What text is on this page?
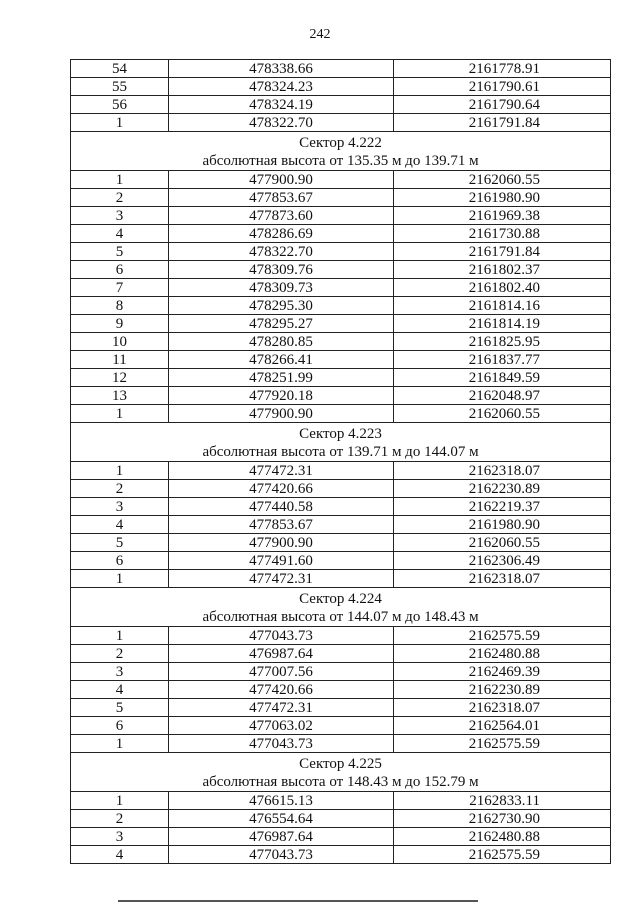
242
54	478338.66	2161778.91
55	478324.23	2161790.61
56	478324.19	2161790.64
1	478322.70	2161791.84

Сектор 4.222
абсолютная высота от 135.35 м до 139.71 м		

1	477900.90	2162060.55
2	477853.67	2161980.90
3	477873.60	2161969.38
4	478286.69	2161730.88
5	478322.70	2161791.84
6	478309.76	2161802.37
7	478309.73	2161802.40
8	478295.30	2161814.16
9	478295.27	2161814.19
10	478280.85	2161825.95
11	478266.41	2161837.77
12	478251.99	2161849.59
13	477920.18	2162048.97
1	477900.90	2162060.55

Сектор 4.223
абсолютная высота от 139.71 м до 144.07 м		

1	477472.31	2162318.07
2	477420.66	2162230.89
3	477440.58	2162219.37
4	477853.67	2161980.90
5	477900.90	2162060.55
6	477491.60	2162306.49
1	477472.31	2162318.07

Сектор 4.224
абсолютная высота от 144.07 м до 148.43 м		

1	477043.73	2162575.59
2	476987.64	2162480.88
3	477007.56	2162469.39
4	477420.66	2162230.89
5	477472.31	2162318.07
6	477063.02	2162564.01
1	477043.73	2162575.59

Сектор 4.225
абсолютная высота от 148.43 м до 152.79 м		

1	476615.13	2162833.11
2	476554.64	2162730.90
3	476987.64	2162480.88
4	477043.73	2162575.59
